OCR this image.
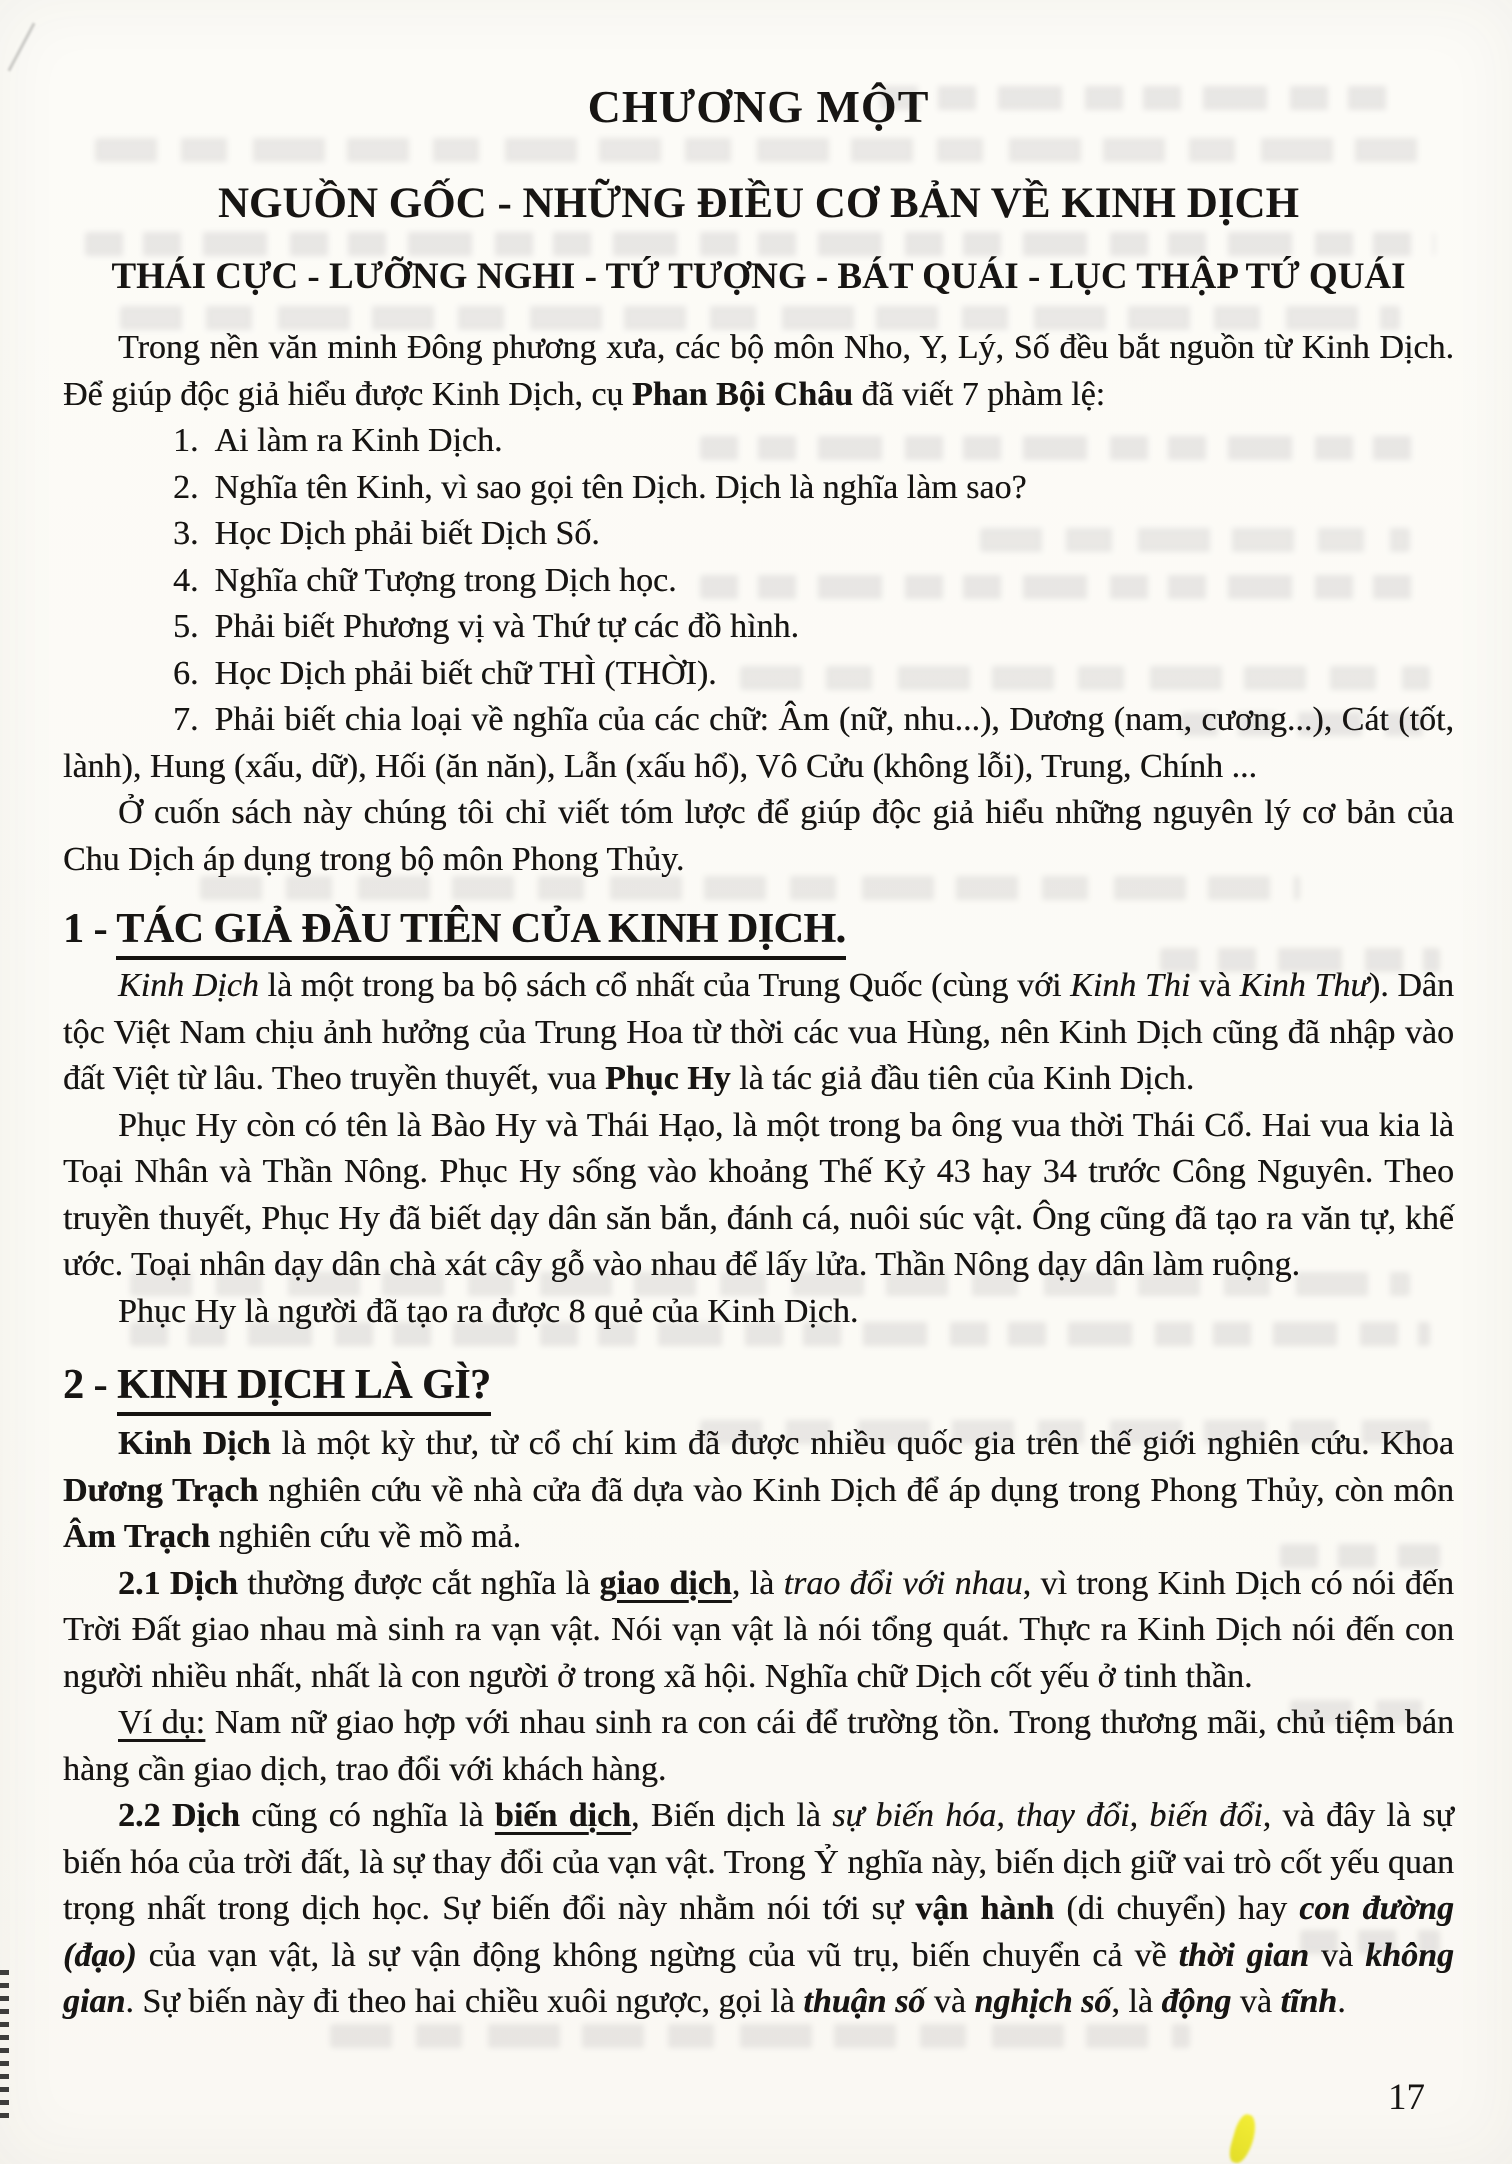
CHƯƠNG MỘT
NGUỒN GỐC - NHỮNG ĐIỀU CƠ BẢN VỀ KINH DỊCH
THÁI CỰC - LƯỠNG NGHI - TỨ TƯỢNG - BÁT QUÁI - LỤC THẬP TỨ QUÁI

Trong nền văn minh Đông phương xưa, các bộ môn Nho, Y, Lý, Số đều bắt nguồn từ Kinh Dịch. Để giúp độc giả hiểu được Kinh Dịch, cụ Phan Bội Châu đã viết 7 phàm lệ:

1. Ai làm ra Kinh Dịch.

2. Nghĩa tên Kinh, vì sao gọi tên Dịch. Dịch là nghĩa làm sao?

3. Học Dịch phải biết Dịch Số.

4. Nghĩa chữ Tượng trong Dịch học.

5. Phải biết Phương vị và Thứ tự các đồ hình.

6. Học Dịch phải biết chữ THÌ (THỜI).

7. Phải biết chia loại về nghĩa của các chữ: Âm (nữ, nhu...), Dương (nam, cương...), Cát (tốt, lành), Hung (xấu, dữ), Hối (ăn năn), Lẫn (xấu hổ), Vô Cửu (không lỗi), Trung, Chính ...

Ở cuốn sách này chúng tôi chỉ viết tóm lược để giúp độc giả hiểu những nguyên lý cơ bản của Chu Dịch áp dụng trong bộ môn Phong Thủy.

1 - TÁC GIẢ ĐẦU TIÊN CỦA KINH DỊCH.

Kinh Dịch là một trong ba bộ sách cổ nhất của Trung Quốc (cùng với Kinh Thi và Kinh Thư). Dân tộc Việt Nam chịu ảnh hưởng của Trung Hoa từ thời các vua Hùng, nên Kinh Dịch cũng đã nhập vào đất Việt từ lâu. Theo truyền thuyết, vua Phục Hy là tác giả đầu tiên của Kinh Dịch.

Phục Hy còn có tên là Bào Hy và Thái Hạo, là một trong ba ông vua thời Thái Cổ. Hai vua kia là Toại Nhân và Thần Nông. Phục Hy sống vào khoảng Thế Kỷ 43 hay 34 trước Công Nguyên. Theo truyền thuyết, Phục Hy đã biết dạy dân săn bắn, đánh cá, nuôi súc vật. Ông cũng đã tạo ra văn tự, khế ước. Toại nhân dạy dân chà xát cây gỗ vào nhau để lấy lửa. Thần Nông dạy dân làm ruộng.

Phục Hy là người đã tạo ra được 8 quẻ của Kinh Dịch.

2 - KINH DỊCH LÀ GÌ?

Kinh Dịch là một kỳ thư, từ cổ chí kim đã được nhiều quốc gia trên thế giới nghiên cứu. Khoa Dương Trạch nghiên cứu về nhà cửa đã dựa vào Kinh Dịch để áp dụng trong Phong Thủy, còn môn Âm Trạch nghiên cứu về mồ mả.

2.1 Dịch thường được cắt nghĩa là giao dịch, là trao đổi với nhau, vì trong Kinh Dịch có nói đến Trời Đất giao nhau mà sinh ra vạn vật. Nói vạn vật là nói tổng quát. Thực ra Kinh Dịch nói đến con người nhiều nhất, nhất là con người ở trong xã hội. Nghĩa chữ Dịch cốt yếu ở tinh thần.

Ví dụ: Nam nữ giao hợp với nhau sinh ra con cái để trường tồn. Trong thương mãi, chủ tiệm bán hàng cần giao dịch, trao đổi với khách hàng.

2.2 Dịch cũng có nghĩa là biến dịch, Biến dịch là sự biến hóa, thay đổi, biến đổi, và đây là sự biến hóa của trời đất, là sự thay đổi của vạn vật. Trong Ỷ nghĩa này, biến dịch giữ vai trò cốt yếu quan trọng nhất trong dịch học. Sự biến đổi này nhằm nói tới sự vận hành (di chuyển) hay con đường (đạo) của vạn vật, là sự vận động không ngừng của vũ trụ, biến chuyển cả về thời gian và không gian. Sự biến này đi theo hai chiều xuôi ngược, gọi là thuận số và nghịch số, là động và tĩnh.

17
